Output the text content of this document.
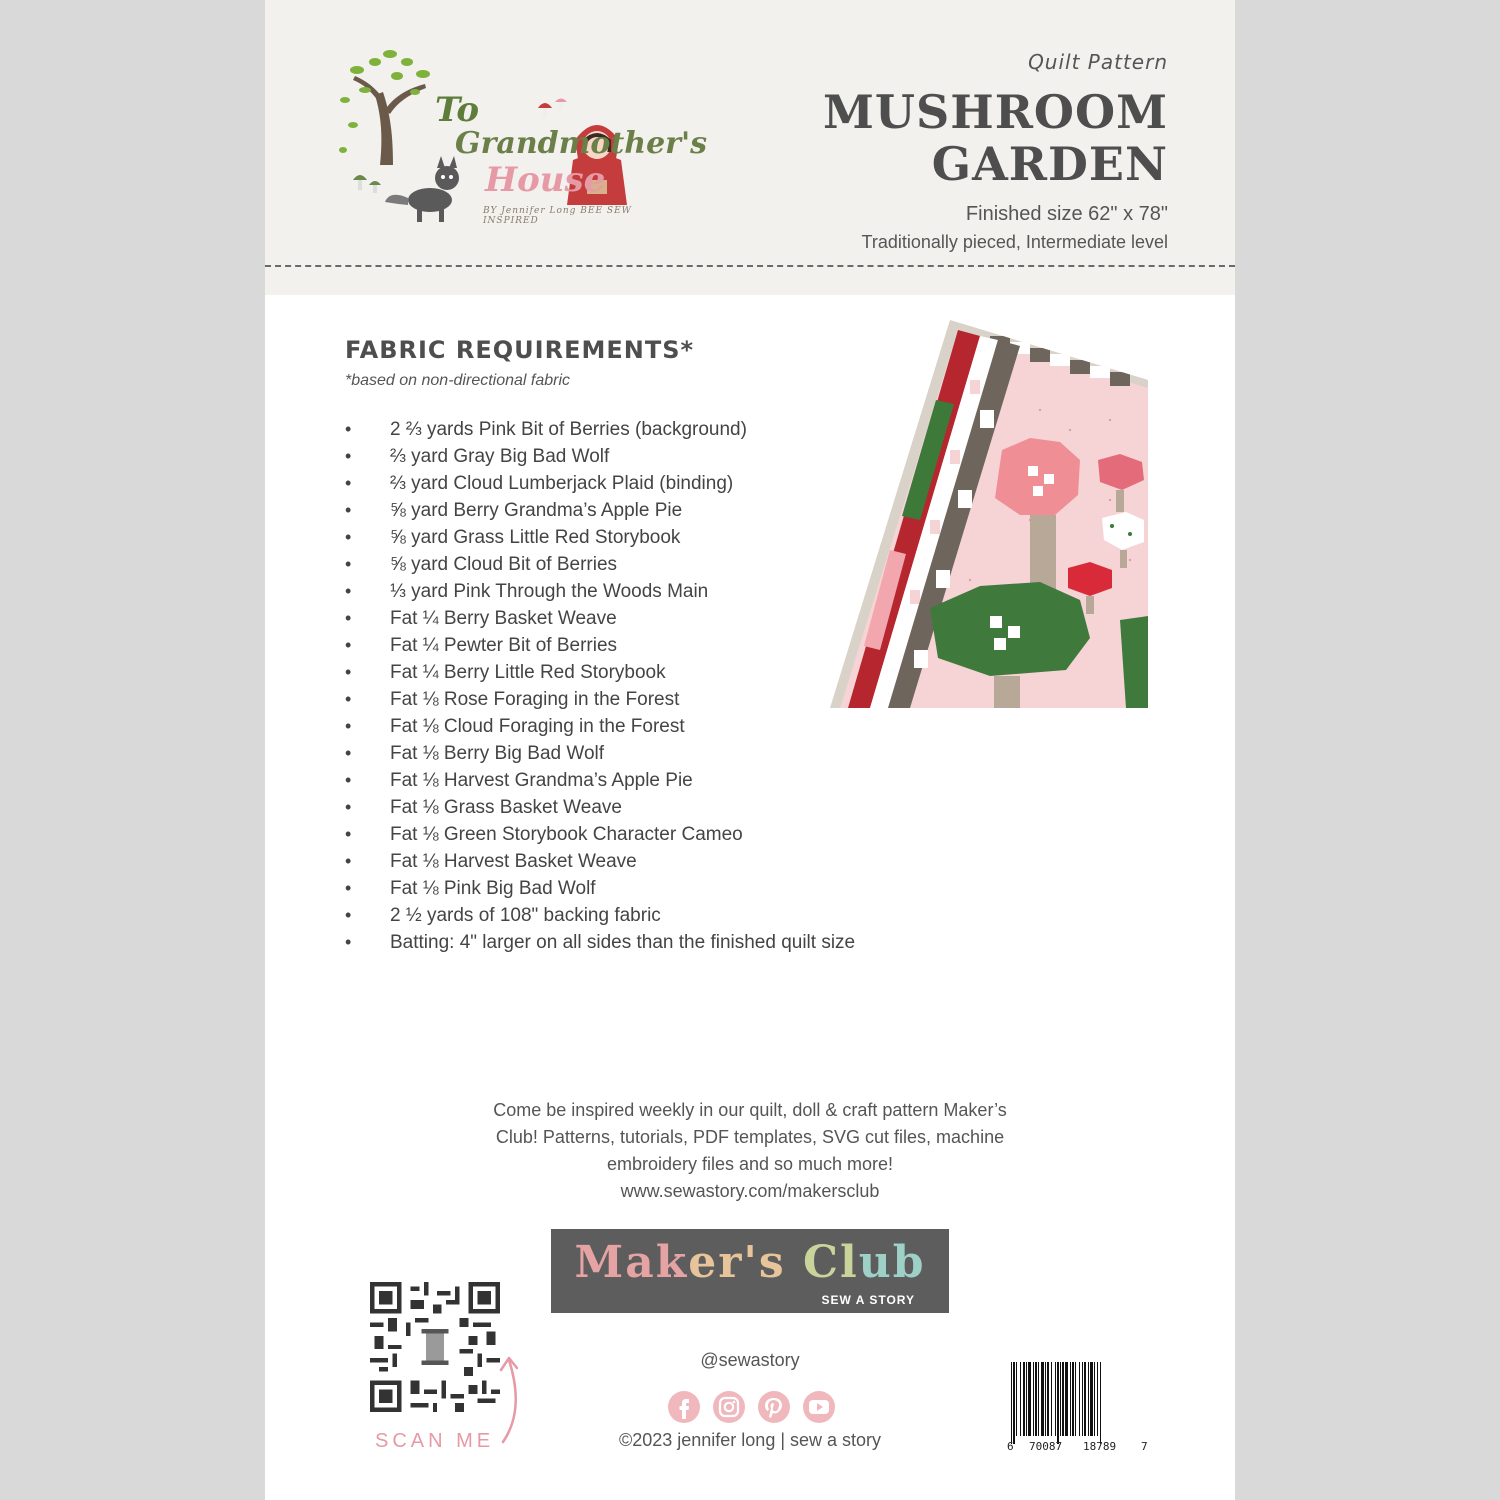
To
Grandmother's
House
BY Jennifer Long BEE SEW INSPIRED
Quilt Pattern
MUSHROOM
GARDEN
Finished size 62" x 78"
Traditionally pieced, Intermediate level
FABRIC REQUIREMENTS*
*based on non-directional fabric
• 2 ⅔ yards Pink Bit of Berries (background)
• ⅔ yard Gray Big Bad Wolf
• ⅔ yard Cloud Lumberjack Plaid (binding)
• ⅝ yard Berry Grandma’s Apple Pie
• ⅝ yard Grass Little Red Storybook
• ⅝ yard Cloud Bit of Berries
• ⅓ yard Pink Through the Woods Main
• Fat ¼ Berry Basket Weave
• Fat ¼ Pewter Bit of Berries
• Fat ¼ Berry Little Red Storybook
• Fat ⅛ Rose Foraging in the Forest
• Fat ⅛ Cloud Foraging in the Forest
• Fat ⅛ Berry Big Bad Wolf
• Fat ⅛ Harvest Grandma’s Apple Pie
• Fat ⅛ Grass Basket Weave
• Fat ⅛ Green Storybook Character Cameo
• Fat ⅛ Harvest Basket Weave
• Fat ⅛ Pink Big Bad Wolf
• 2 ½ yards of 108" backing fabric
• Batting: 4" larger on all sides than the finished quilt size
Come be inspired weekly in our quilt, doll & craft pattern Maker’s
Club! Patterns, tutorials, PDF templates, SVG cut files, machine
embroidery files and so much more!
www.sewastory.com/makersclub
Maker's Club
SEW A STORY
@sewastory
©2023 jennifer long | sew a story
SCAN ME	6 70087 18789 7
